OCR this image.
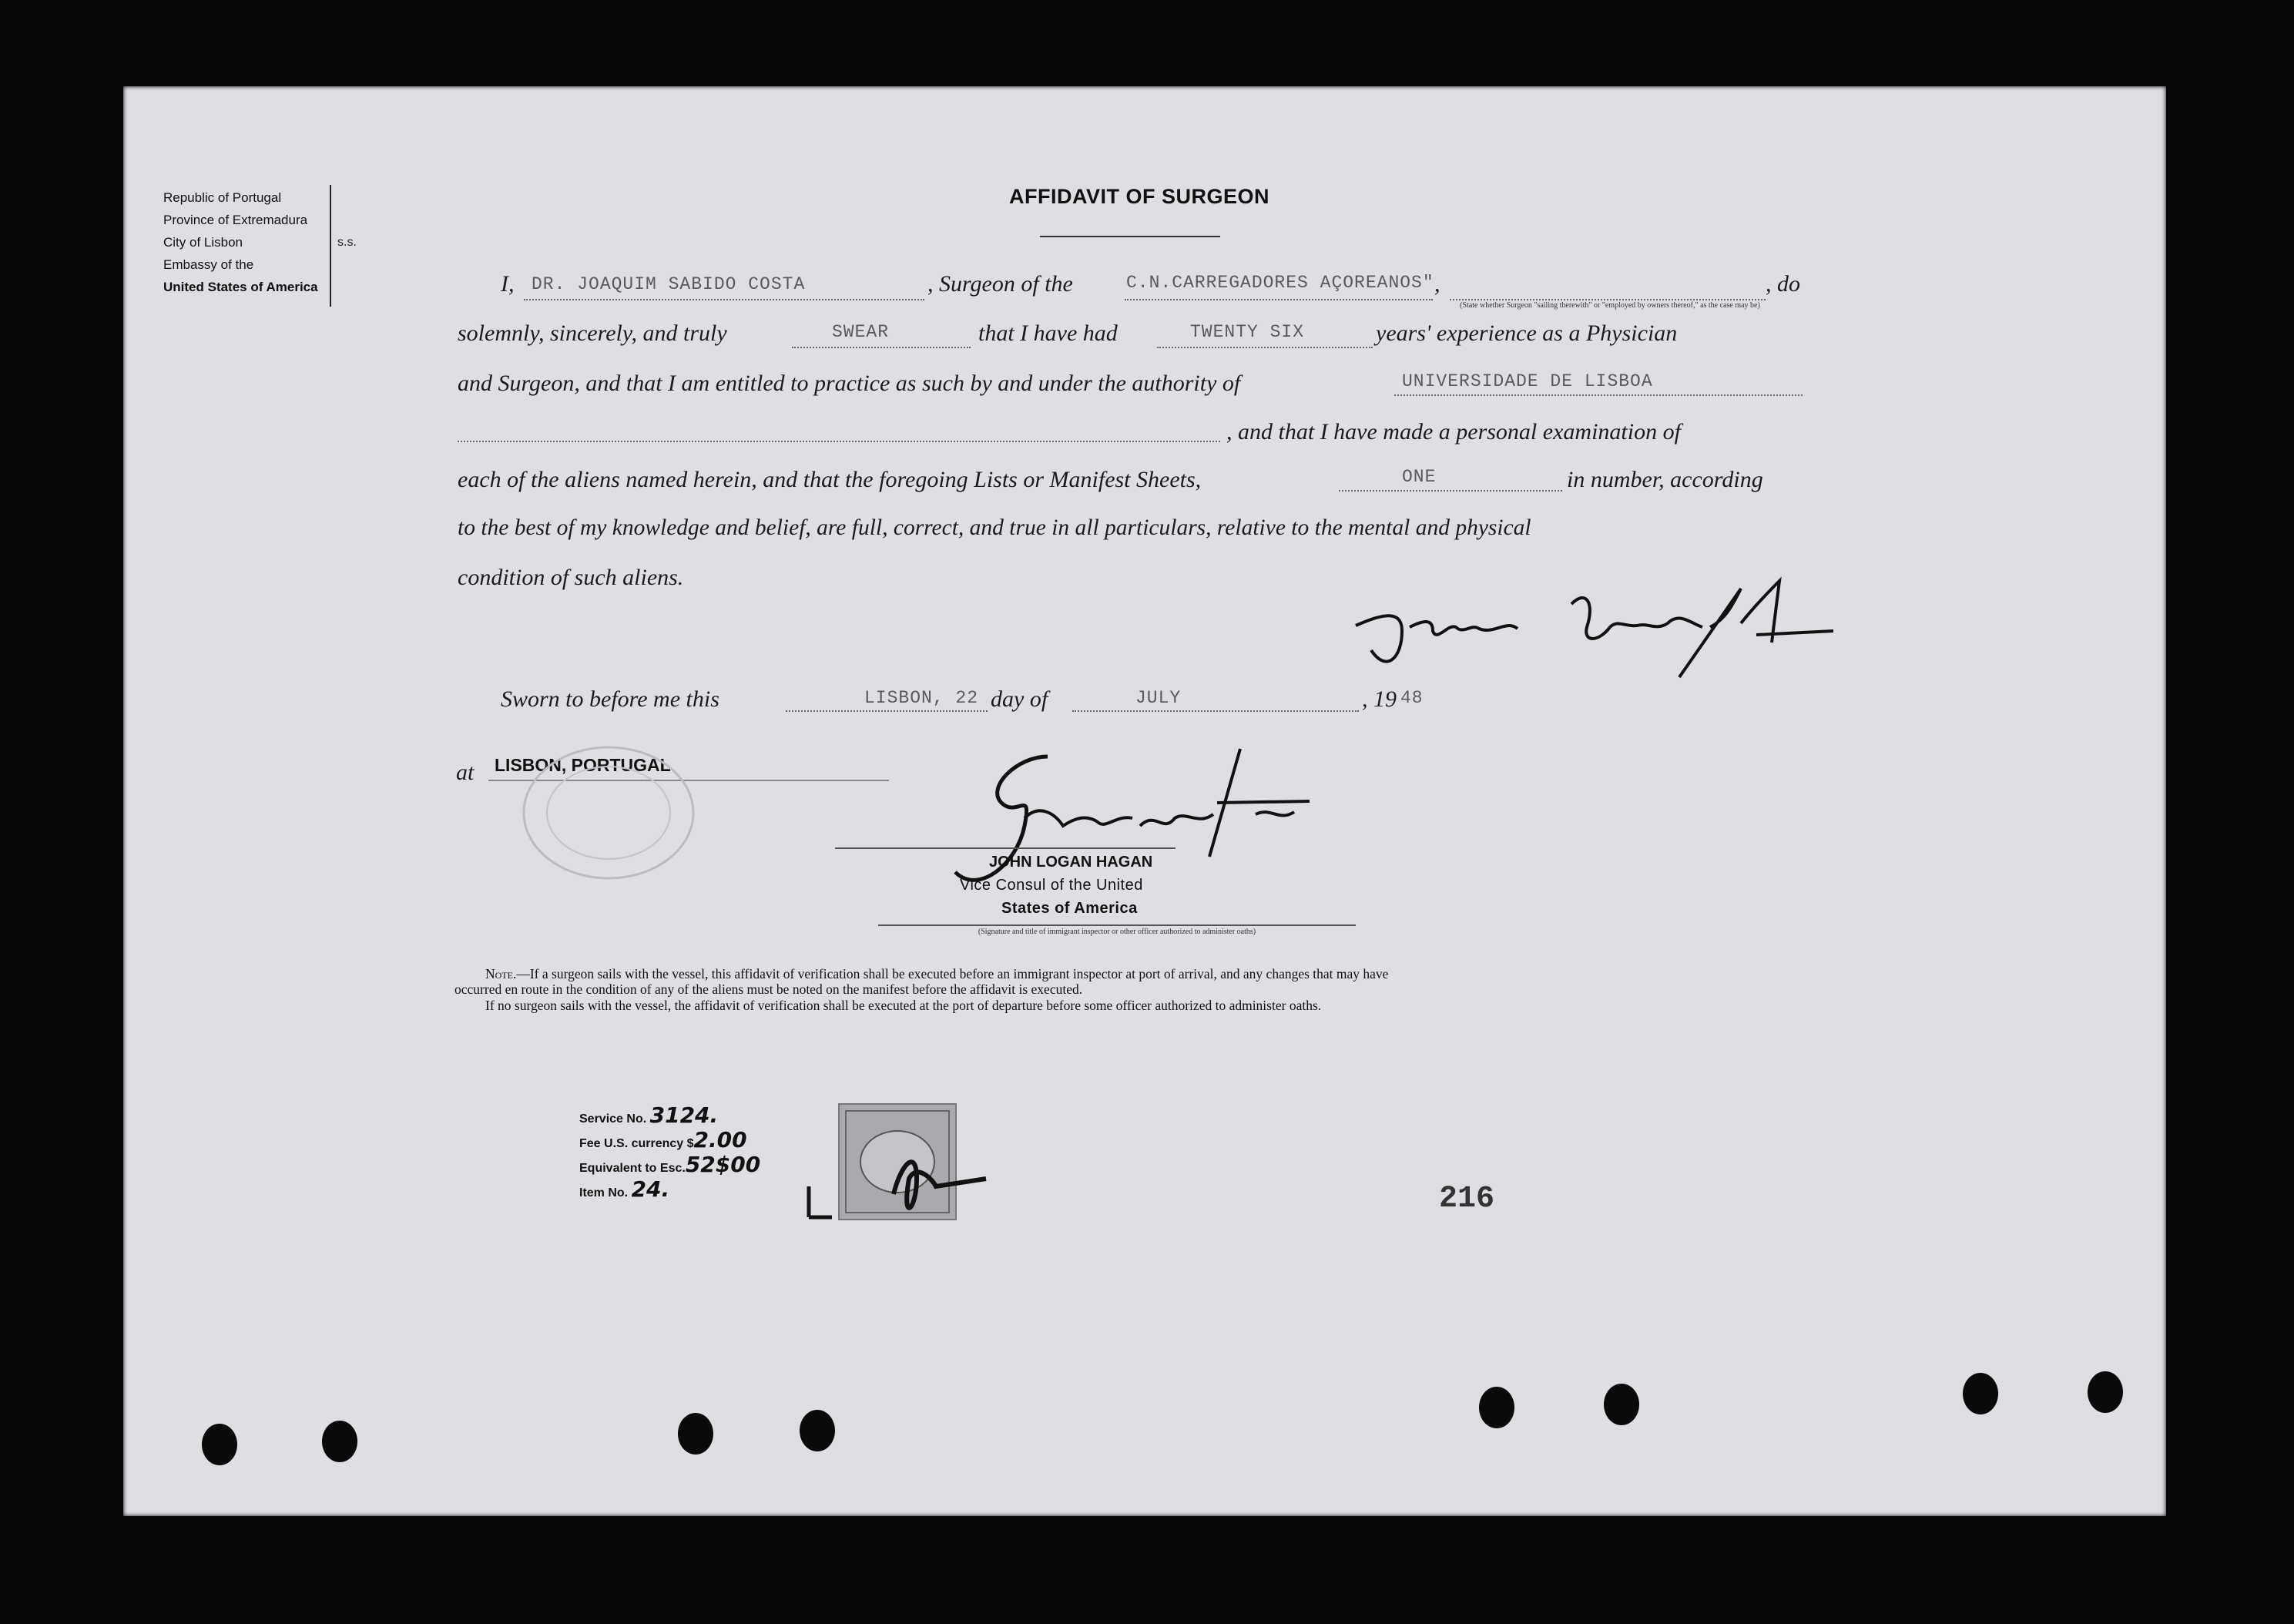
Republic of Portugal
Province of Extremadura
City of Lisbon
Embassy of the
United States of America
s.s.
AFFIDAVIT OF SURGEON
I, DR. JOAQUIM SABIDO COSTA	, Surgeon of the	C.N.CARREGADORES AÇOREANOS" ,	, do
(State whether Surgeon "sailing therewith" or "employed by owners thereof," as the case may be)
solemnly, sincerely, and truly	SWEAR	that I have had	TWENTY SIX	years' experience as a Physician
and Surgeon, and that I am entitled to practice as such by and under the authority of	UNIVERSIDADE DE LISBOA
, and that I have made a personal examination of
each of the aliens named herein, and that the foregoing Lists or Manifest Sheets,	ONE	in number, according
to the best of my knowledge and belief, are full, correct, and true in all particulars, relative to the mental and physical
condition of such aliens.
Sworn to before me this	LISBON, 22 day of	JULY	, 19 48
at LISBON, PORTUGAL
JOHN LOGAN HAGAN
Vice Consul of the United
States of America
(Signature and title of immigrant inspector or other officer authorized to administer oaths)
Note.—If a surgeon sails with the vessel, this affidavit of verification shall be executed before an immigrant inspector at port of arrival, and any changes that may have
occurred en route in the condition of any of the aliens must be noted on the manifest before the affidavit is executed.
If no surgeon sails with the vessel, the affidavit of verification shall be executed at the port of departure before some officer authorized to administer oaths.
Service No. 3124.
Fee U.S. currency $2.00
Equivalent to Esc.52$00
Item No. 24.	216
